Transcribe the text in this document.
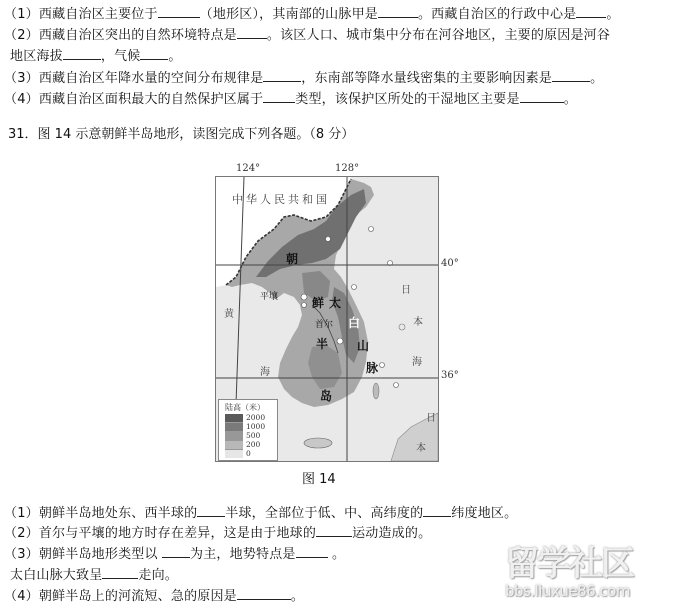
（1）西藏自治区主要位于	（地形区），其南部的山脉甲是	。西藏自治区的行政中心是 。
（2）西藏自治区突出的自然环境特点是 。该区人口、城市集中分布在河谷地区，主要的原因是河谷
地区海拔	，气候 。
（3）西藏自治区年降水量的空间分布规律是	，东南部等降水量线密集的主要影响因素是	。
（4）西藏自治区面积最大的自然保护区属于 类型，该保护区所处的干湿地区主要是	。
31．图 14 示意朝鲜半岛地形，读图完成下列各题。（8 分）
124°	128°
40°
36°
中华人民共和国
朝
鲜 太
白
半 山
脉
岛
平壤
首尔
黄
海
日
本
海
日
本
陆高（米）
2000
1000
500
200
0
图 14
（1）朝鲜半岛地处东、西半球的 半球，全部位于低、中、高纬度的 纬度地区。
（2）首尔与平壤的地方时存在差异，这是由于地球的	运动造成的。
（3）朝鲜半岛地形类型以 为主，地势特点是 。
太白山脉大致呈	走向。
（4）朝鲜半岛上的河流短、急的原因是	。
留学社区
bbs.liuxue86.com
